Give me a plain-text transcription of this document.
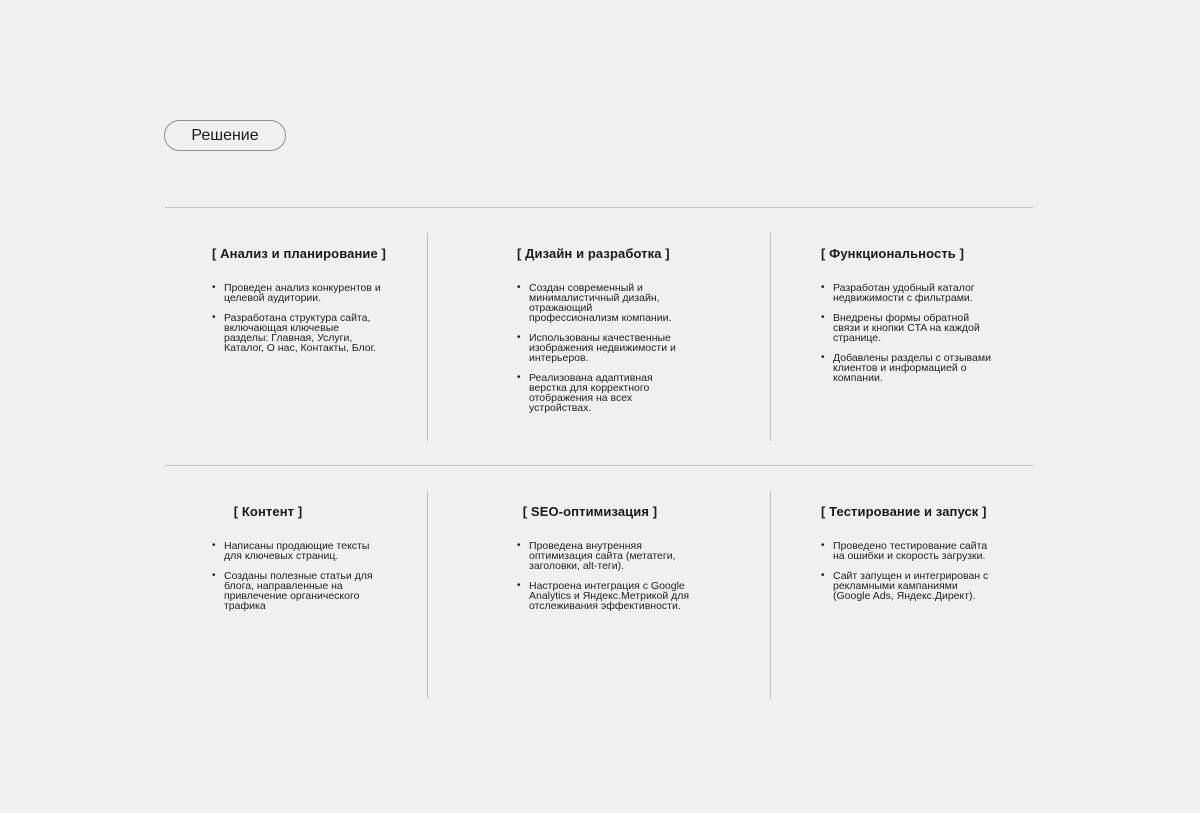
Решение
[ Анализ и планирование ]
• Проведен анализ конкурентов и целевой аудитории.
• Разработана структура сайта, включающая ключевые разделы: Главная, Услуги, Каталог, О нас, Контакты, Блог.
[ Дизайн и разработка ]
• Создан современный и минималистичный дизайн, отражающий профессионализм компании.
• Использованы качественные изображения недвижимости и интерьеров.
• Реализована адаптивная верстка для корректного отображения на всех устройствах.
[ Функциональность ]
• Разработан удобный каталог недвижимости с фильтрами.
• Внедрены формы обратной связи и кнопки CTA на каждой странице.
• Добавлены разделы с отзывами клиентов и информацией о компании.
[ Контент ]
• Написаны продающие тексты для ключевых страниц.
• Созданы полезные статьи для блога, направленные на привлечение органического трафика
[ SEO-оптимизация ]
• Проведена внутренняя оптимизация сайта (метатеги, заголовки, alt-теги).
• Настроена интеграция с Google Analytics и Яндекс.Метрикой для отслеживания эффективности.
[ Тестирование и запуск ]
• Проведено тестирование сайта на ошибки и скорость загрузки.
• Сайт запущен и интегрирован с рекламными кампаниями (Google Ads, Яндекс.Директ).
